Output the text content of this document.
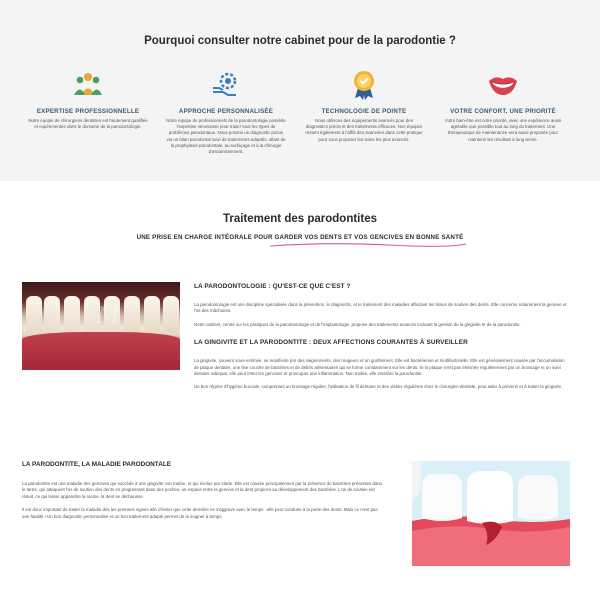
Pourquoi consulter notre cabinet pour de la parodontie ?
EXPERTISE PROFESSIONNELLE

Notre équipe de chirurgiens dentistes est hautement qualifiée et expérimentée dans le domaine de la parodontologie.

APPROCHE PERSONNALISÉE

Notre équipe de professionnels de la parodontologie possède l'expertise nécessaire pour traiter tous les types de problèmes parodontaux. Nous posons un diagnostic précis via un bilan parodontal suivi de traitements adaptés, allant de la prophylaxie parodontale, au surfaçage et à la chirurgie d'assainissement.

TECHNOLOGIE DE POINTE

Nous utilisons des équipements avancés pour des diagnostics précis et des traitements efficaces. Nos équipes restent également à l'affût des avancées dans cette pratique pour vous proposer les soins les plus avancés.

VOTRE CONFORT, UNE PRIORITÉ

Votre bien-être est notre priorité, avec une expérience aussi agréable que possible tout au long du traitement. Une thérapeutique de maintenance sera aussi proposée pour maintenir les résultats à long terme.

Traitement des parodontites
UNE PRISE EN CHARGE INTÉGRALE POUR GARDER VOS DENTS ET VOS GENCIVES EN BONNE SANTÉ
M
LA PARODONTOLOGIE : QU'EST-CE QUE C'EST ?

La parodontologie est une discipline spécialisée dans la prévention, le diagnostic, et le traitement des maladies affectant les tissus de soutien des dents. Elle concerne notamment la gencive et l'os des mâchoires.

Notre cabinet, centré sur les pratiques de la parodontologie et de l'implantologie, propose des traitements avancés incluant la gestion de la gingivite et de la parodontite.

LA GINGIVITE ET LA PARODONTITE : DEUX AFFECTIONS COURANTES À SURVEILLER

La gingivite, souvent sous-estimée, se manifeste par des saignements, des rougeurs et un gonflement. Elle est bactérienne et multifactorielle. Elle est généralement causée par l'accumulation de plaque dentaire, une fine couche de bactéries et de débris alimentaires qui se forme constamment sur les dents. Si la plaque n'est pas éliminée régulièrement par un brossage et un suivi dentaire adéquat, elle peut irriter les gencives et provoquer une inflammation. Non traitée, elle entraîne la parodontite.

Un bon régime d'hygiène buccale, comprenant un brossage régulier, l'utilisation de fil dentaire et des visites régulières chez le chirurgien-dentiste, peut aider à prévenir et à traiter la gingivite.

LA PARODONTITE, LA MALADIE PARODONTALE

La parodontite est une maladie des gencives qui succède à une gingivite non traitée, et qui évolue par stade. Elle est causée principalement par la présence de bactéries présentes dans le tartre, qui attaquent l'os de soutien des dents en progressant dans des poches, un espace entre la gencive et la dent propices au développement des bactéries. L'os de soutien est réduit, ce qui laisse apparaître la racine, la dent se déchausse.

Il est donc important de traiter la maladie dès les premiers signes afin d'éviter que cette dernière ne s'aggrave avec le temps : elle peut conduire à la perte des dents. Mais ce n'est pas une fatalité ! Un bon diagnostic personnalisé et un bon traitement adapté permet de la soigner à temps.
